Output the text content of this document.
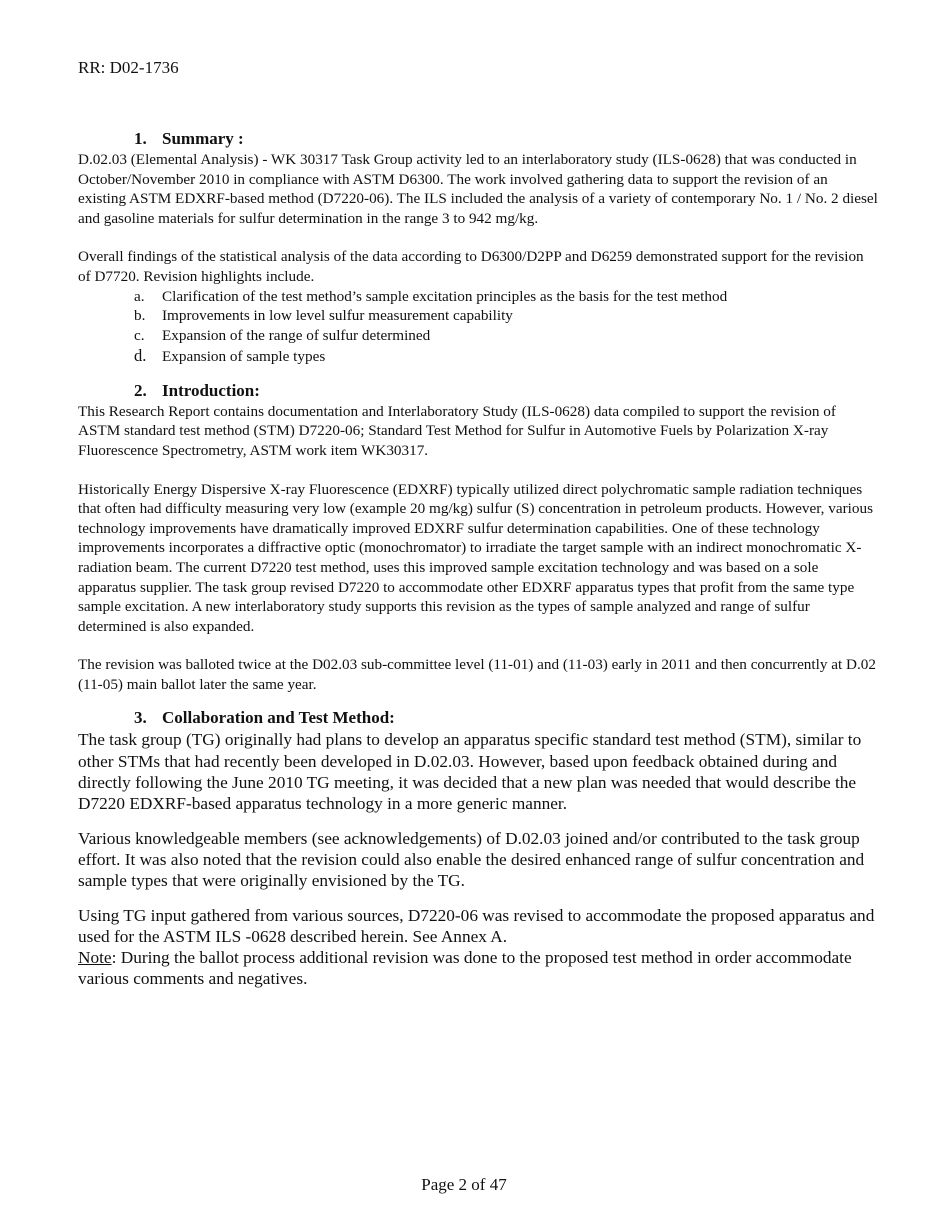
RR: D02-1736
1. Summary :

D.02.03 (Elemental Analysis) - WK 30317 Task Group activity led to an interlaboratory study (ILS-0628) that was conducted in October/November 2010 in compliance with ASTM D6300. The work involved gathering data to support the revision of an existing ASTM EDXRF-based method (D7220-06). The ILS included the analysis of a variety of contemporary No. 1 / No. 2 diesel and gasoline materials for sulfur determination in the range 3 to 942 mg/kg.

Overall findings of the statistical analysis of the data according to D6300/D2PP and D6259 demonstrated support for the revision of D7720. Revision highlights include.

a. Clarification of the test method’s sample excitation principles as the basis for the test method
b. Improvements in low level sulfur measurement capability
c. Expansion of the range of sulfur determined
d. Expansion of sample types
2. Introduction:

This Research Report contains documentation and Interlaboratory Study (ILS-0628) data compiled to support the revision of ASTM standard test method (STM) D7220-06; Standard Test Method for Sulfur in Automotive Fuels by Polarization X-ray Fluorescence Spectrometry, ASTM work item WK30317.

Historically Energy Dispersive X-ray Fluorescence (EDXRF) typically utilized direct polychromatic sample radiation techniques that often had difficulty measuring very low (example 20 mg/kg) sulfur (S) concentration in petroleum products. However, various technology improvements have dramatically improved EDXRF sulfur determination capabilities. One of these technology improvements incorporates a diffractive optic (monochromator) to irradiate the target sample with an indirect monochromatic X-radiation beam. The current D7220 test method, uses this improved sample excitation technology and was based on a sole apparatus supplier. The task group revised D7220 to accommodate other EDXRF apparatus types that profit from the same type sample excitation. A new interlaboratory study supports this revision as the types of sample analyzed and range of sulfur determined is also expanded.

The revision was balloted twice at the D02.03 sub-committee level (11-01) and (11-03) early in 2011 and then concurrently at D.02 (11-05) main ballot later the same year.

3. Collaboration and Test Method:

The task group (TG) originally had plans to develop an apparatus specific standard test method (STM), similar to other STMs that had recently been developed in D.02.03. However, based upon feedback obtained during and directly following the June 2010 TG meeting, it was decided that a new plan was needed that would describe the D7220 EDXRF-based apparatus technology in a more generic manner.

Various knowledgeable members (see acknowledgements) of D.02.03 joined and/or contributed to the task group effort. It was also noted that the revision could also enable the desired enhanced range of sulfur concentration and sample types that were originally envisioned by the TG.

Using TG input gathered from various sources, D7220-06 was revised to accommodate the proposed apparatus and used for the ASTM ILS -0628 described herein. See Annex A.

Note: During the ballot process additional revision was done to the proposed test method in order accommodate various comments and negatives.

Page 2 of 47
